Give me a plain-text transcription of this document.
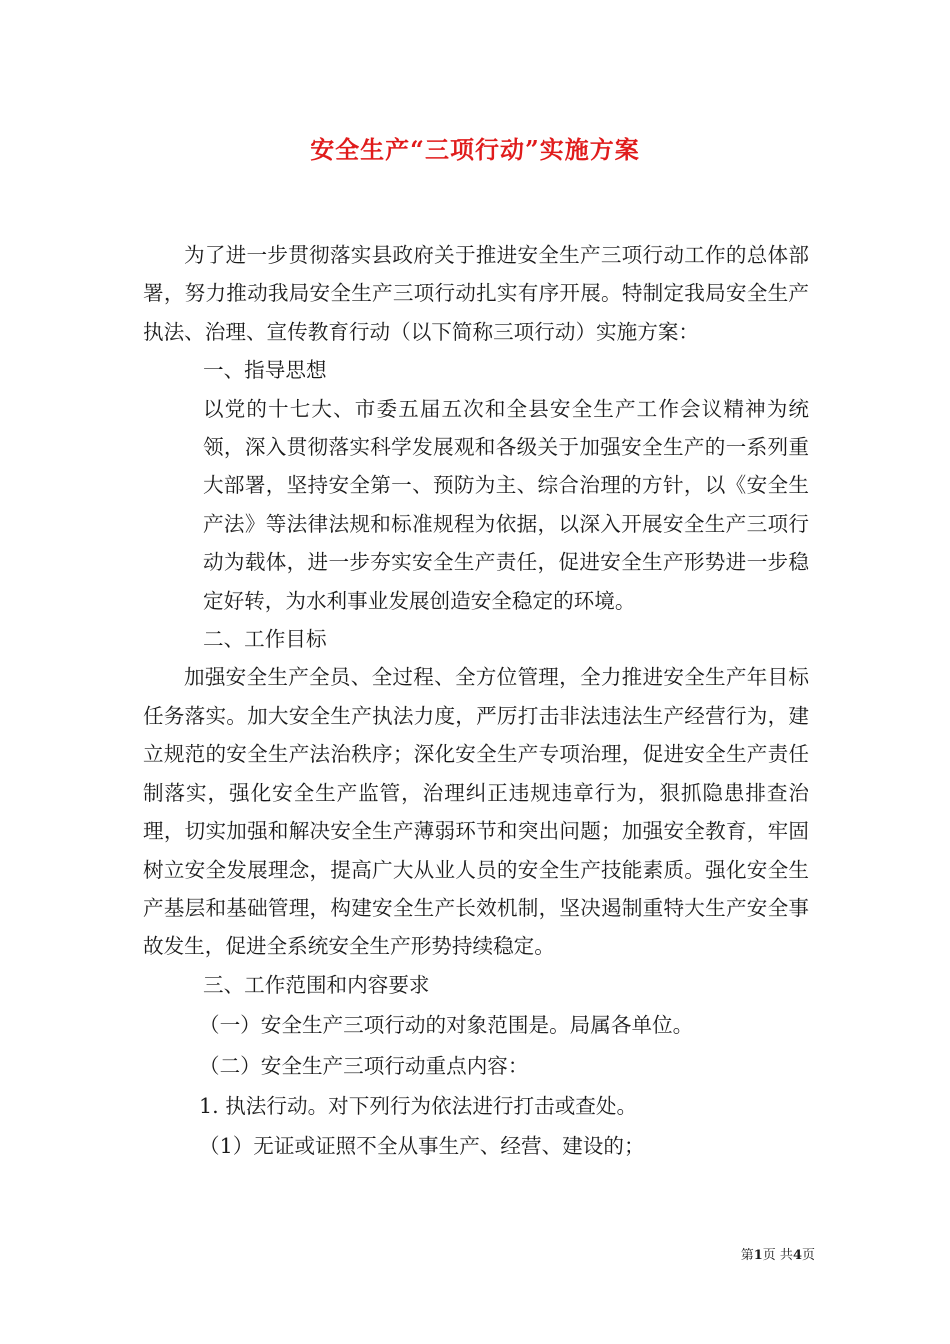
安全生产“三项行动”实施方案

为了进一步贯彻落实县政府关于推进安全生产三项行动工作的总体部署，努力推动我局安全生产三项行动扎实有序开展。特制定我局安全生产执法、治理、宣传教育行动（以下简称三项行动）实施方案：

一、指导思想

以党的十七大、市委五届五次和全县安全生产工作会议精神为统领，深入贯彻落实科学发展观和各级关于加强安全生产的一系列重大部署，坚持安全第一、预防为主、综合治理的方针，以《安全生产法》等法律法规和标准规程为依据，以深入开展安全生产三项行动为载体，进一步夯实安全生产责任，促进安全生产形势进一步稳定好转，为水利事业发展创造安全稳定的环境。

二、工作目标

加强安全生产全员、全过程、全方位管理，全力推进安全生产年目标任务落实。加大安全生产执法力度，严厉打击非法违法生产经营行为，建立规范的安全生产法治秩序；深化安全生产专项治理，促进安全生产责任制落实，强化安全生产监管，治理纠正违规违章行为，狠抓隐患排查治理，切实加强和解决安全生产薄弱环节和突出问题；加强安全教育，牢固树立安全发展理念，提高广大从业人员的安全生产技能素质。强化安全生产基层和基础管理，构建安全生产长效机制，坚决遏制重特大生产安全事故发生，促进全系统安全生产形势持续稳定。

三、工作范围和内容要求

（一）安全生产三项行动的对象范围是。局属各单位。

（二）安全生产三项行动重点内容：

1. 执法行动。对下列行为依法进行打击或查处。

（1）无证或证照不全从事生产、经营、建设的；

第1页 共4页
